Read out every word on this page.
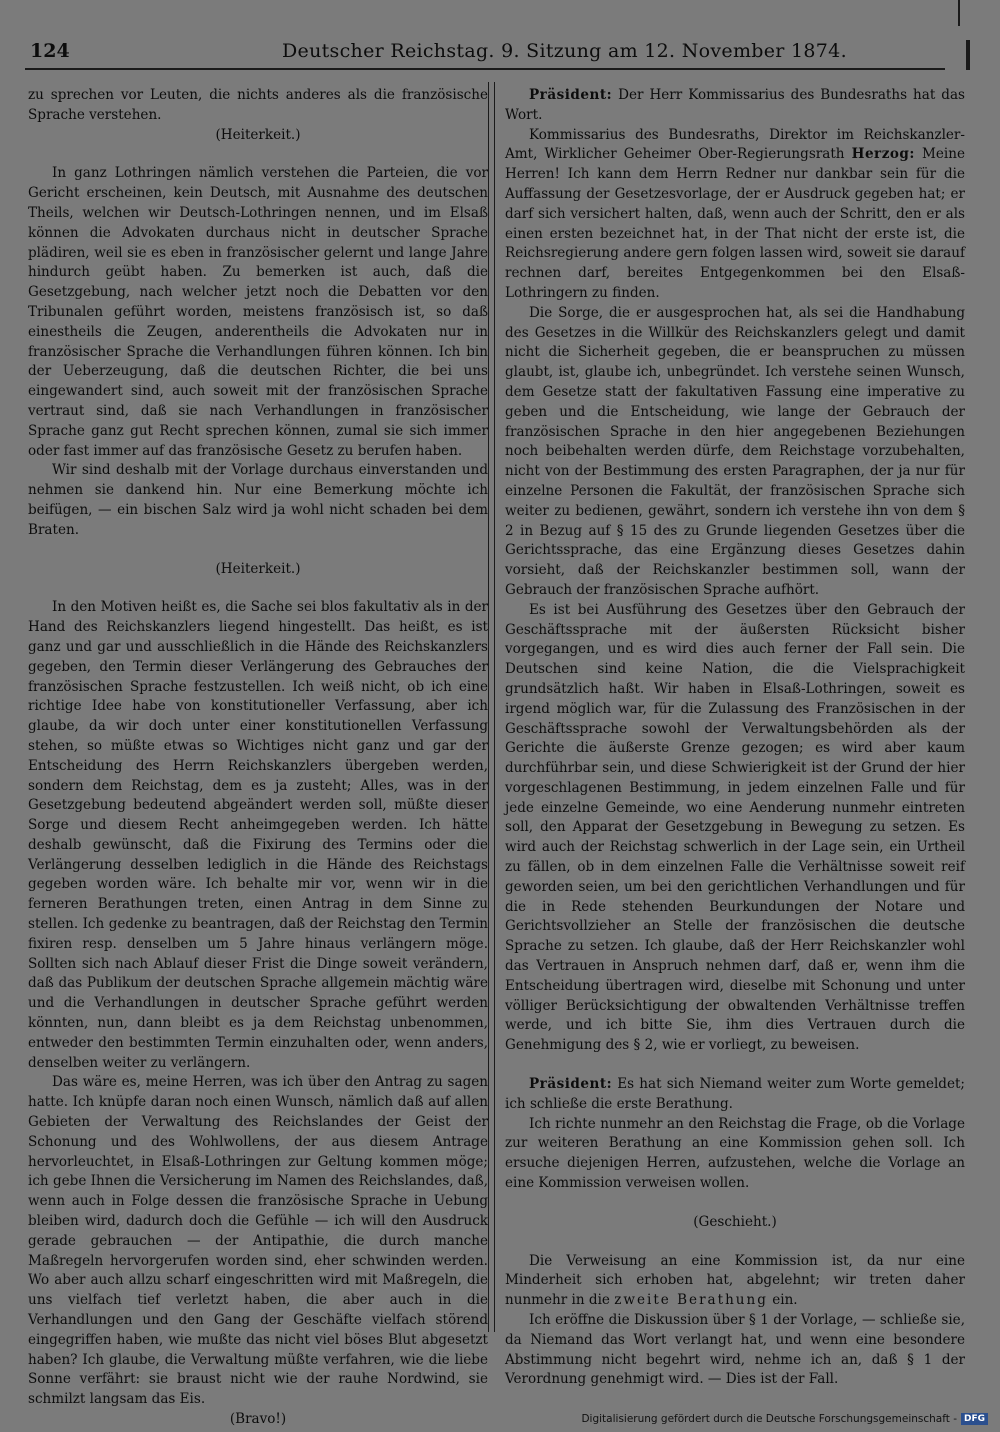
124	Deutscher Reichstag. 9. Sitzung am 12. November 1874.

zu sprechen vor Leuten, die nichts anderes als die französische Sprache verstehen.

(Heiterkeit.)

In ganz Lothringen nämlich verstehen die Parteien, die vor Gericht erscheinen, kein Deutsch, mit Ausnahme des deutschen Theils, welchen wir Deutsch-Lothringen nennen, und im Elsaß können die Advokaten durchaus nicht in deutscher Sprache plädiren, weil sie es eben in französischer gelernt und lange Jahre hindurch geübt haben. Zu bemerken ist auch, daß die Gesetzgebung, nach welcher jetzt noch die Debatten vor den Tribunalen geführt worden, meistens französisch ist, so daß einestheils die Zeugen, anderentheils die Advokaten nur in französischer Sprache die Verhandlungen führen können. Ich bin der Ueberzeugung, daß die deutschen Richter, die bei uns eingewandert sind, auch soweit mit der französischen Sprache vertraut sind, daß sie nach Verhandlungen in französischer Sprache ganz gut Recht sprechen können, zumal sie sich immer oder fast immer auf das französische Gesetz zu berufen haben.

Wir sind deshalb mit der Vorlage durchaus einverstanden und nehmen sie dankend hin. Nur eine Bemerkung möchte ich beifügen, — ein bischen Salz wird ja wohl nicht schaden bei dem Braten.

(Heiterkeit.)

In den Motiven heißt es, die Sache sei blos fakultativ als in der Hand des Reichskanzlers liegend hingestellt. Das heißt, es ist ganz und gar und ausschließlich in die Hände des Reichskanzlers gegeben, den Termin dieser Verlängerung des Gebrauches der französischen Sprache festzustellen. Ich weiß nicht, ob ich eine richtige Idee habe von konstitutioneller Verfassung, aber ich glaube, da wir doch unter einer konstitutionellen Verfassung stehen, so müßte etwas so Wichtiges nicht ganz und gar der Entscheidung des Herrn Reichskanzlers übergeben werden, sondern dem Reichstag, dem es ja zusteht; Alles, was in der Gesetzgebung bedeutend abgeändert werden soll, müßte dieser Sorge und diesem Recht anheimgegeben werden. Ich hätte deshalb gewünscht, daß die Fixirung des Termins oder die Verlängerung desselben lediglich in die Hände des Reichstags gegeben worden wäre. Ich behalte mir vor, wenn wir in die ferneren Berathungen treten, einen Antrag in dem Sinne zu stellen. Ich gedenke zu beantragen, daß der Reichstag den Termin fixiren resp. denselben um 5 Jahre hinaus verlängern möge. Sollten sich nach Ablauf dieser Frist die Dinge soweit verändern, daß das Publikum der deutschen Sprache allgemein mächtig wäre und die Verhandlungen in deutscher Sprache geführt werden könnten, nun, dann bleibt es ja dem Reichstag unbenommen, entweder den bestimmten Termin einzuhalten oder, wenn anders, denselben weiter zu verlängern.

Das wäre es, meine Herren, was ich über den Antrag zu sagen hatte. Ich knüpfe daran noch einen Wunsch, nämlich daß auf allen Gebieten der Verwaltung des Reichslandes der Geist der Schonung und des Wohlwollens, der aus diesem Antrage hervorleuchtet, in Elsaß-Lothringen zur Geltung kommen möge; ich gebe Ihnen die Versicherung im Namen des Reichslandes, daß, wenn auch in Folge dessen die französische Sprache in Uebung bleiben wird, dadurch doch die Gefühle — ich will den Ausdruck gerade gebrauchen — der Antipathie, die durch manche Maßregeln hervorgerufen worden sind, eher schwinden werden. Wo aber auch allzu scharf eingeschritten wird mit Maßregeln, die uns vielfach tief verletzt haben, die aber auch in die Verhandlungen und den Gang der Geschäfte vielfach störend eingegriffen haben, wie mußte das nicht viel böses Blut abgesetzt haben? Ich glaube, die Verwaltung müßte verfahren, wie die liebe Sonne verfährt: sie braust nicht wie der rauhe Nordwind, sie schmilzt langsam das Eis.

(Bravo!)

Präsident: Der Herr Kommissarius des Bundesraths hat das Wort.

Kommissarius des Bundesraths, Direktor im Reichskanzler-Amt, Wirklicher Geheimer Ober-Regierungsrath Herzog: Meine Herren! Ich kann dem Herrn Redner nur dankbar sein für die Auffassung der Gesetzesvorlage, der er Ausdruck gegeben hat; er darf sich versichert halten, daß, wenn auch der Schritt, den er als einen ersten bezeichnet hat, in der That nicht der erste ist, die Reichsregierung andere gern folgen lassen wird, soweit sie darauf rechnen darf, bereites Entgegenkommen bei den Elsaß-Lothringern zu finden.

Die Sorge, die er ausgesprochen hat, als sei die Handhabung des Gesetzes in die Willkür des Reichskanzlers gelegt und damit nicht die Sicherheit gegeben, die er beanspruchen zu müssen glaubt, ist, glaube ich, unbegründet. Ich verstehe seinen Wunsch, dem Gesetze statt der fakultativen Fassung eine imperative zu geben und die Entscheidung, wie lange der Gebrauch der französischen Sprache in den hier angegebenen Beziehungen noch beibehalten werden dürfe, dem Reichstage vorzubehalten, nicht von der Bestimmung des ersten Paragraphen, der ja nur für einzelne Personen die Fakultät, der französischen Sprache sich weiter zu bedienen, gewährt, sondern ich verstehe ihn von dem § 2 in Bezug auf § 15 des zu Grunde liegenden Gesetzes über die Gerichtssprache, das eine Ergänzung dieses Gesetzes dahin vorsieht, daß der Reichskanzler bestimmen soll, wann der Gebrauch der französischen Sprache aufhört.

Es ist bei Ausführung des Gesetzes über den Gebrauch der Geschäftssprache mit der äußersten Rücksicht bisher vorgegangen, und es wird dies auch ferner der Fall sein. Die Deutschen sind keine Nation, die die Vielsprachigkeit grundsätzlich haßt. Wir haben in Elsaß-Lothringen, soweit es irgend möglich war, für die Zulassung des Französischen in der Geschäftssprache sowohl der Verwaltungsbehörden als der Gerichte die äußerste Grenze gezogen; es wird aber kaum durchführbar sein, und diese Schwierigkeit ist der Grund der hier vorgeschlagenen Bestimmung, in jedem einzelnen Falle und für jede einzelne Gemeinde, wo eine Aenderung nunmehr eintreten soll, den Apparat der Gesetzgebung in Bewegung zu setzen. Es wird auch der Reichstag schwerlich in der Lage sein, ein Urtheil zu fällen, ob in dem einzelnen Falle die Verhältnisse soweit reif geworden seien, um bei den gerichtlichen Verhandlungen und für die in Rede stehenden Beurkundungen der Notare und Gerichtsvollzieher an Stelle der französischen die deutsche Sprache zu setzen. Ich glaube, daß der Herr Reichskanzler wohl das Vertrauen in Anspruch nehmen darf, daß er, wenn ihm die Entscheidung übertragen wird, dieselbe mit Schonung und unter völliger Berücksichtigung der obwaltenden Verhältnisse treffen werde, und ich bitte Sie, ihm dies Vertrauen durch die Genehmigung des § 2, wie er vorliegt, zu beweisen.

Präsident: Es hat sich Niemand weiter zum Worte gemeldet; ich schließe die erste Berathung.

Ich richte nunmehr an den Reichstag die Frage, ob die Vorlage zur weiteren Berathung an eine Kommission gehen soll. Ich ersuche diejenigen Herren, aufzustehen, welche die Vorlage an eine Kommission verweisen wollen.

(Geschieht.)

Die Verweisung an eine Kommission ist, da nur eine Minderheit sich erhoben hat, abgelehnt; wir treten daher nunmehr in die zweite Berathung ein.

Ich eröffne die Diskussion über § 1 der Vorlage, — schließe sie, da Niemand das Wort verlangt hat, und wenn eine besondere Abstimmung nicht begehrt wird, nehme ich an, daß § 1 der Verordnung genehmigt wird. — Dies ist der Fall.

Digitalisierung gefördert durch die Deutsche Forschungsgemeinschaft - DFG
